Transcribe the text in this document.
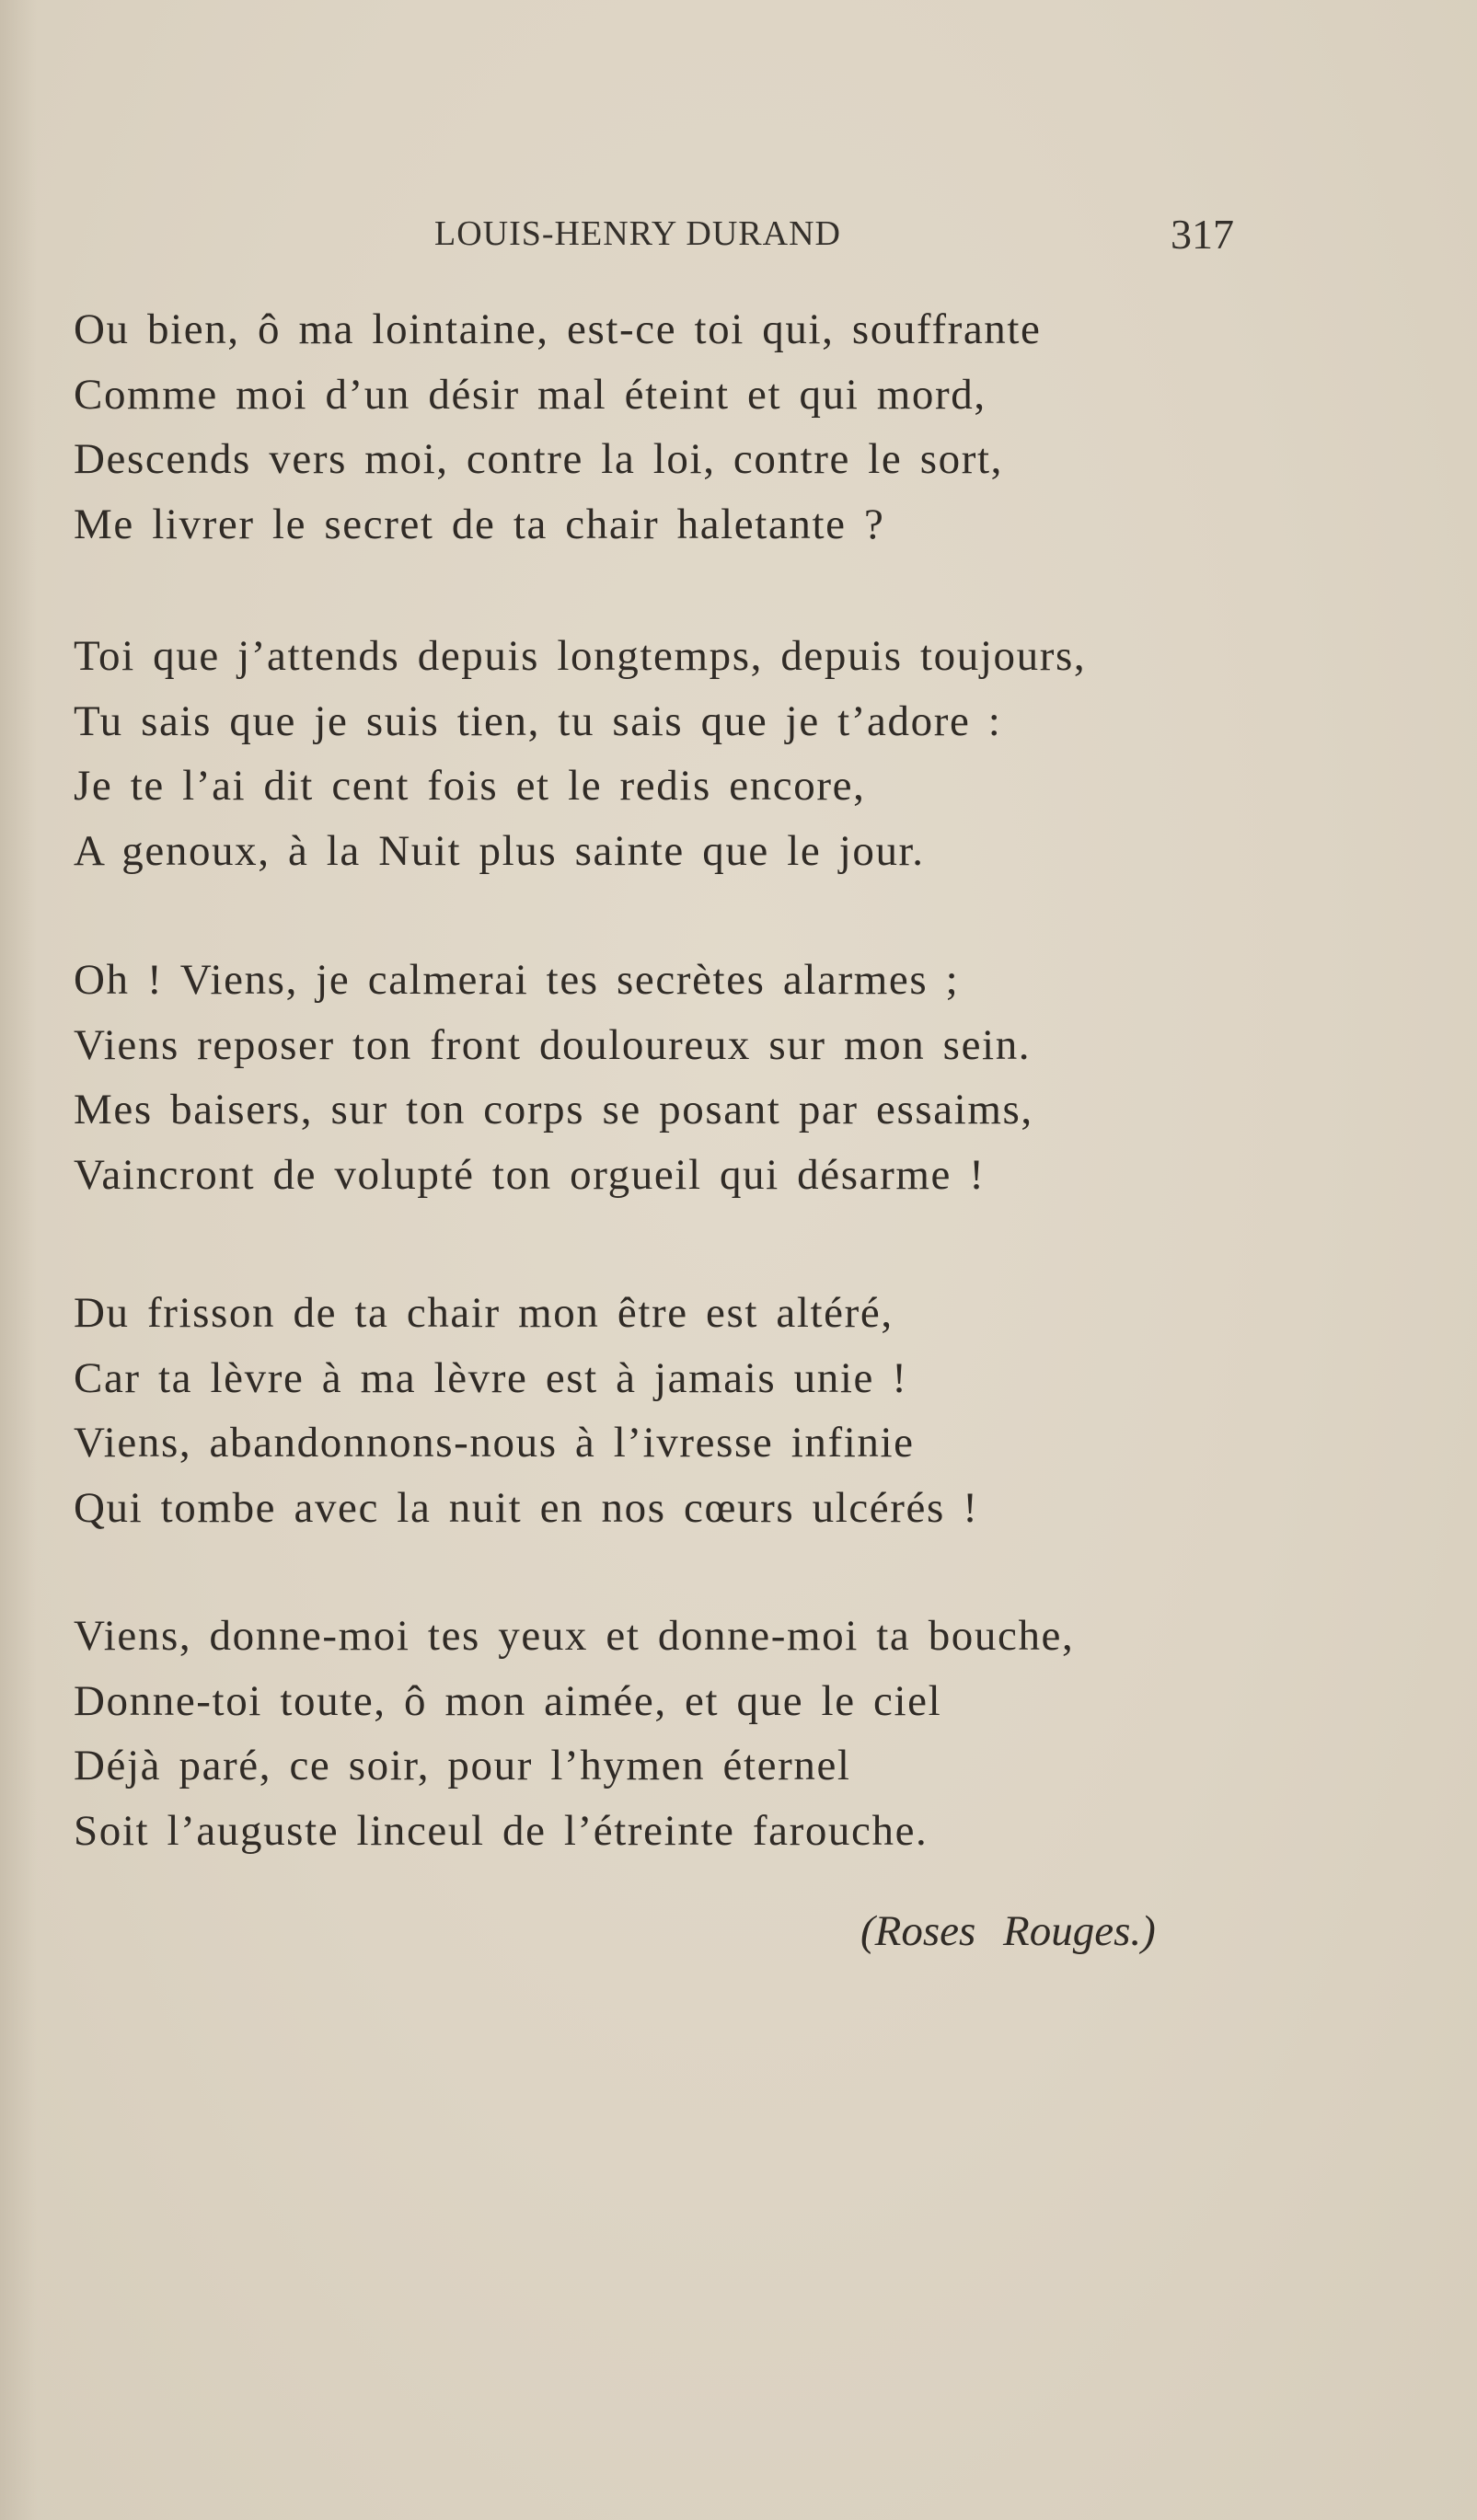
LOUIS-HENRY DURAND	317
Ou bien, ô ma lointaine, est-ce toi qui, souffrante
Comme moi d’un désir mal éteint et qui mord,
Descends vers moi, contre la loi, contre le sort,
Me livrer le secret de ta chair haletante ?
Toi que j’attends depuis longtemps, depuis toujours,
Tu sais que je suis tien, tu sais que je t’adore :
Je te l’ai dit cent fois et le redis encore,
A genoux, à la Nuit plus sainte que le jour.
Oh ! Viens, je calmerai tes secrètes alarmes ;
Viens reposer ton front douloureux sur mon sein.
Mes baisers, sur ton corps se posant par essaims,
Vaincront de volupté ton orgueil qui désarme !
Du frisson de ta chair mon être est altéré,
Car ta lèvre à ma lèvre est à jamais unie !
Viens, abandonnons-nous à l’ivresse infinie
Qui tombe avec la nuit en nos cœurs ulcérés !
Viens, donne-moi tes yeux et donne-moi ta bouche,
Donne-toi toute, ô mon aimée, et que le ciel
Déjà paré, ce soir, pour l’hymen éternel
Soit l’auguste linceul de l’étreinte farouche.
(Roses Rouges.)
